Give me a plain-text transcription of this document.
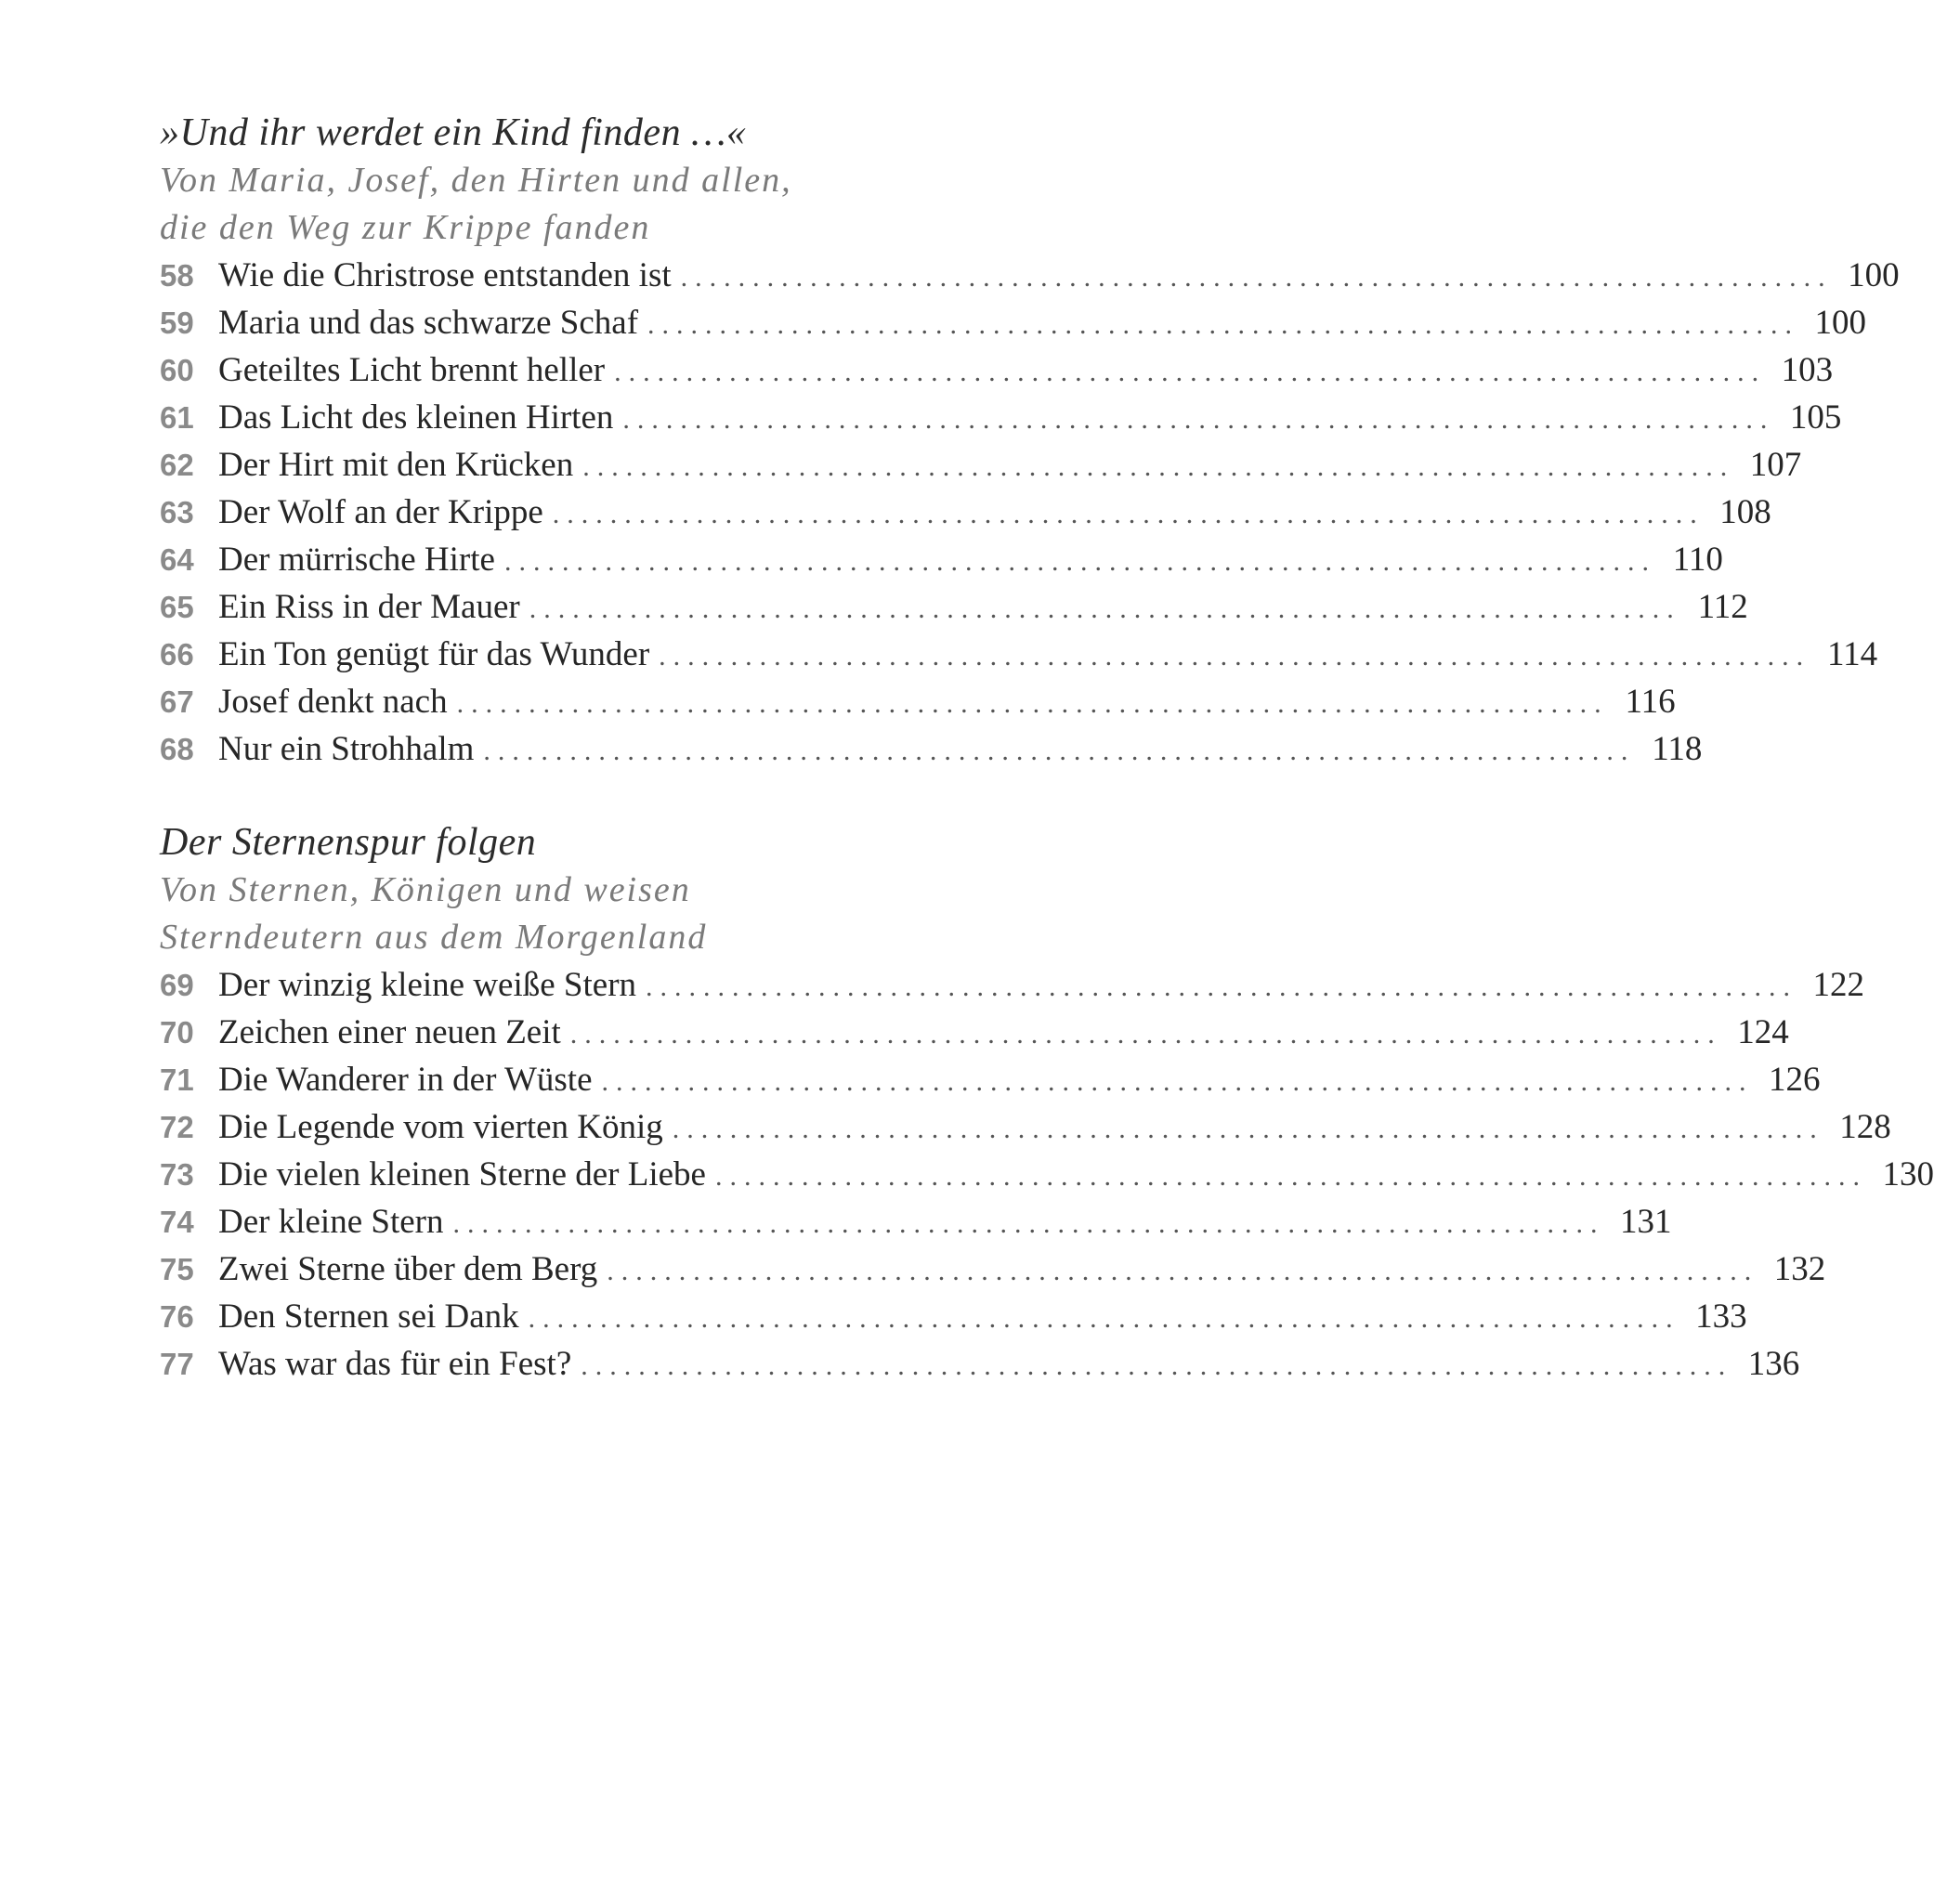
»Und ihr werdet ein Kind finden …«
Von Maria, Josef, den Hirten und allen,
die den Weg zur Krippe fanden
58 Wie die Christrose entstanden ist ................................................................................ 100
59 Maria und das schwarze Schaf ................................................................................ 100
60 Geteiltes Licht brennt heller ................................................................................ 103
61 Das Licht des kleinen Hirten ................................................................................ 105
62 Der Hirt mit den Krücken ................................................................................ 107
63 Der Wolf an der Krippe ................................................................................ 108
64 Der mürrische Hirte ................................................................................ 110
65 Ein Riss in der Mauer ................................................................................ 112
66 Ein Ton genügt für das Wunder ................................................................................ 114
67 Josef denkt nach ................................................................................ 116
68 Nur ein Strohhalm ................................................................................ 118
Der Sternenspur folgen
Von Sternen, Königen und weisen
Sterndeutern aus dem Morgenland
69 Der winzig kleine weiße Stern ................................................................................ 122
70 Zeichen einer neuen Zeit ................................................................................ 124
71 Die Wanderer in der Wüste ................................................................................ 126
72 Die Legende vom vierten König ................................................................................ 128
73 Die vielen kleinen Sterne der Liebe ................................................................................ 130
74 Der kleine Stern ................................................................................ 131
75 Zwei Sterne über dem Berg ................................................................................ 132
76 Den Sternen sei Dank ................................................................................ 133
77 Was war das für ein Fest? ................................................................................ 136
